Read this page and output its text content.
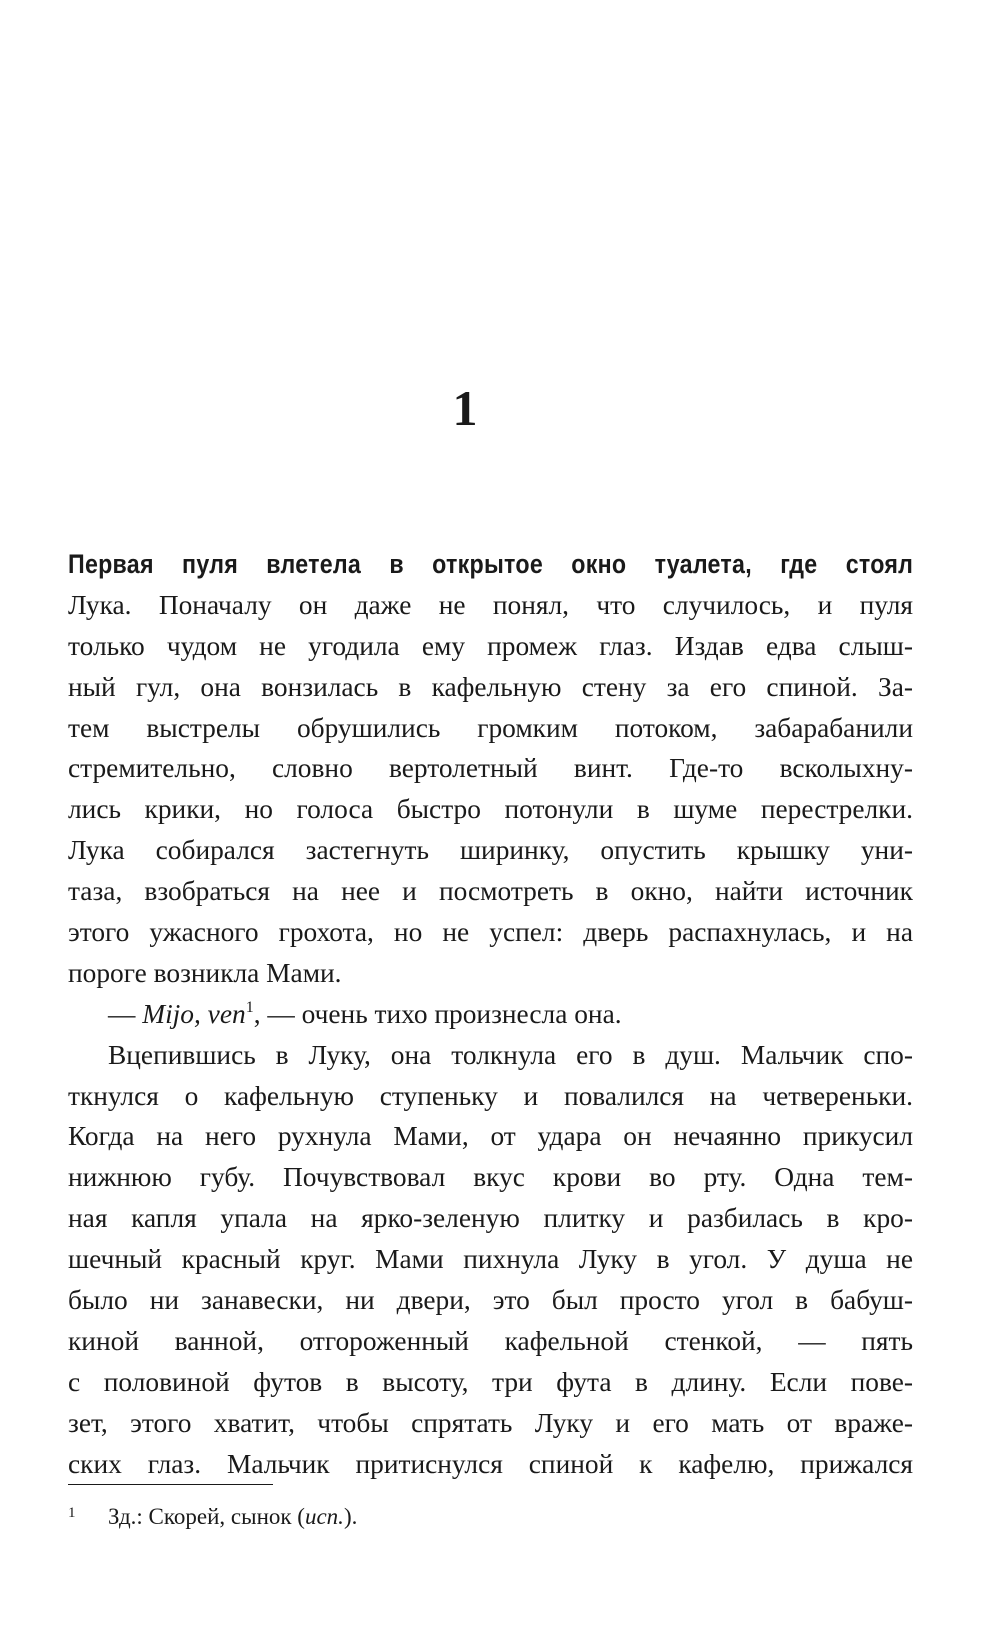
1
Первая пуля влетела в открытое окно туалета, где стоял
Лука. Поначалу он даже не понял, что случилось, и пуля
только чудом не угодила ему промеж глаз. Издав едва слыш-
ный гул, она вонзилась в кафельную стену за его спиной. За-
тем выстрелы обрушились громким потоком, забарабанили
стремительно, словно вертолетный винт. Где-то всколыхну-
лись крики, но голоса быстро потонули в шуме перестрелки.
Лука собирался застегнуть ширинку, опустить крышку уни-
таза, взобраться на нее и посмотреть в окно, найти источник
этого ужасного грохота, но не успел: дверь распахнулась, и на
пороге возникла Мами.
— Mijo, ven$^1$, — очень тихо произнесла она.
Вцепившись в Луку, она толкнула его в душ. Мальчик спо-
ткнулся о кафельную ступеньку и повалился на четвереньки.
Когда на него рухнула Мами, от удара он нечаянно прикусил
нижнюю губу. Почувствовал вкус крови во рту. Одна тем-
ная капля упала на ярко-зеленую плитку и разбилась в кро-
шечный красный круг. Мами пихнула Луку в угол. У душа не
было ни занавески, ни двери, это был просто угол в бабуш-
киной ванной, отгороженный кафельной стенкой, — пять
с половиной футов в высоту, три фута в длину. Если пове-
зет, этого хватит, чтобы спрятать Луку и его мать от враже-
ских глаз. Мальчик притиснулся спиной к кафелю, прижался
1 Зд.: Скорей, сынок (исп.).
